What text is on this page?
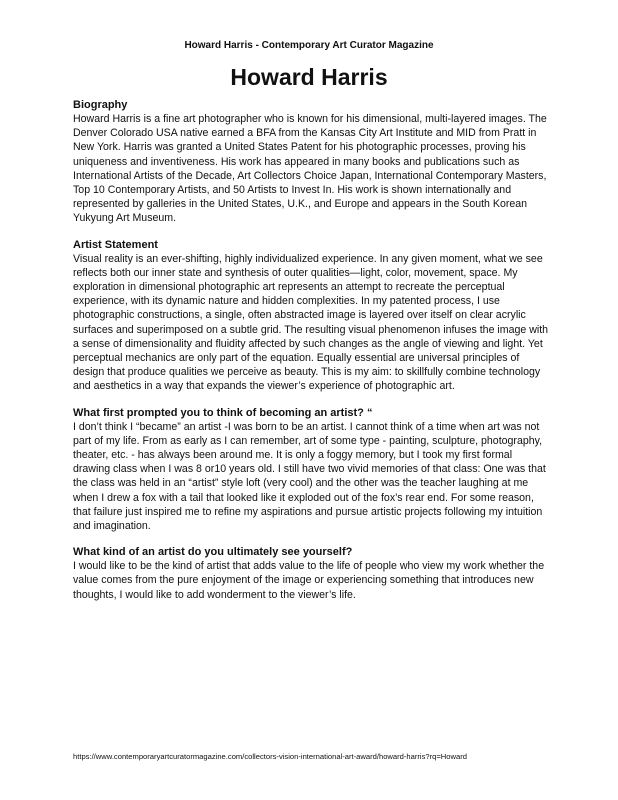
Howard Harris - Contemporary Art Curator Magazine
Howard Harris
Biography

Howard Harris is a fine art photographer who is known for his dimensional, multi-layered images. The Denver Colorado USA native earned a BFA from the Kansas City Art Institute and MID from Pratt in New York. Harris was granted a United States Patent for his photographic processes, proving his uniqueness and inventiveness. His work has appeared in many books and publications such as International Artists of the Decade, Art Collectors Choice Japan, International Contemporary Masters, Top 10 Contemporary Artists, and 50 Artists to Invest In. His work is shown internationally and represented by galleries in the United States, U.K., and Europe and appears in the South Korean Yukyung Art Museum.

Artist Statement

Visual reality is an ever-shifting, highly individualized experience. In any given moment, what we see reflects both our inner state and synthesis of outer qualities—light, color, movement, space. My exploration in dimensional photographic art represents an attempt to recreate the perceptual experience, with its dynamic nature and hidden complexities. In my patented process, I use photographic constructions, a single, often abstracted image is layered over itself on clear acrylic surfaces and superimposed on a subtle grid. The resulting visual phenomenon infuses the image with a sense of dimensionality and fluidity affected by such changes as the angle of viewing and light. Yet perceptual mechanics are only part of the equation. Equally essential are universal principles of design that produce qualities we perceive as beauty. This is my aim: to skillfully combine technology and aesthetics in a way that expands the viewer’s experience of photographic art.

What first prompted you to think of becoming an artist? “

I don’t think I “became” an artist -I was born to be an artist. I cannot think of a time when art was not part of my life. From as early as I can remember, art of some type - painting, sculpture, photography, theater, etc. - has always been around me. It is only a foggy memory, but I took my first formal drawing class when I was 8 or10 years old. I still have two vivid memories of that class: One was that the class was held in an “artist” style loft (very cool) and the other was the teacher laughing at me when I drew a fox with a tail that looked like it exploded out of the fox’s rear end. For some reason, that failure just inspired me to refine my aspirations and pursue artistic projects following my intuition and imagination.

What kind of an artist do you ultimately see yourself?

I would like to be the kind of artist that adds value to the life of people who view my work whether the value comes from the pure enjoyment of the image or experiencing something that introduces new thoughts, I would like to add wonderment to the viewer’s life.

https://www.contemporaryartcuratormagazine.com/collectors-vision-international-art-award/howard-harris?rq=Howard
